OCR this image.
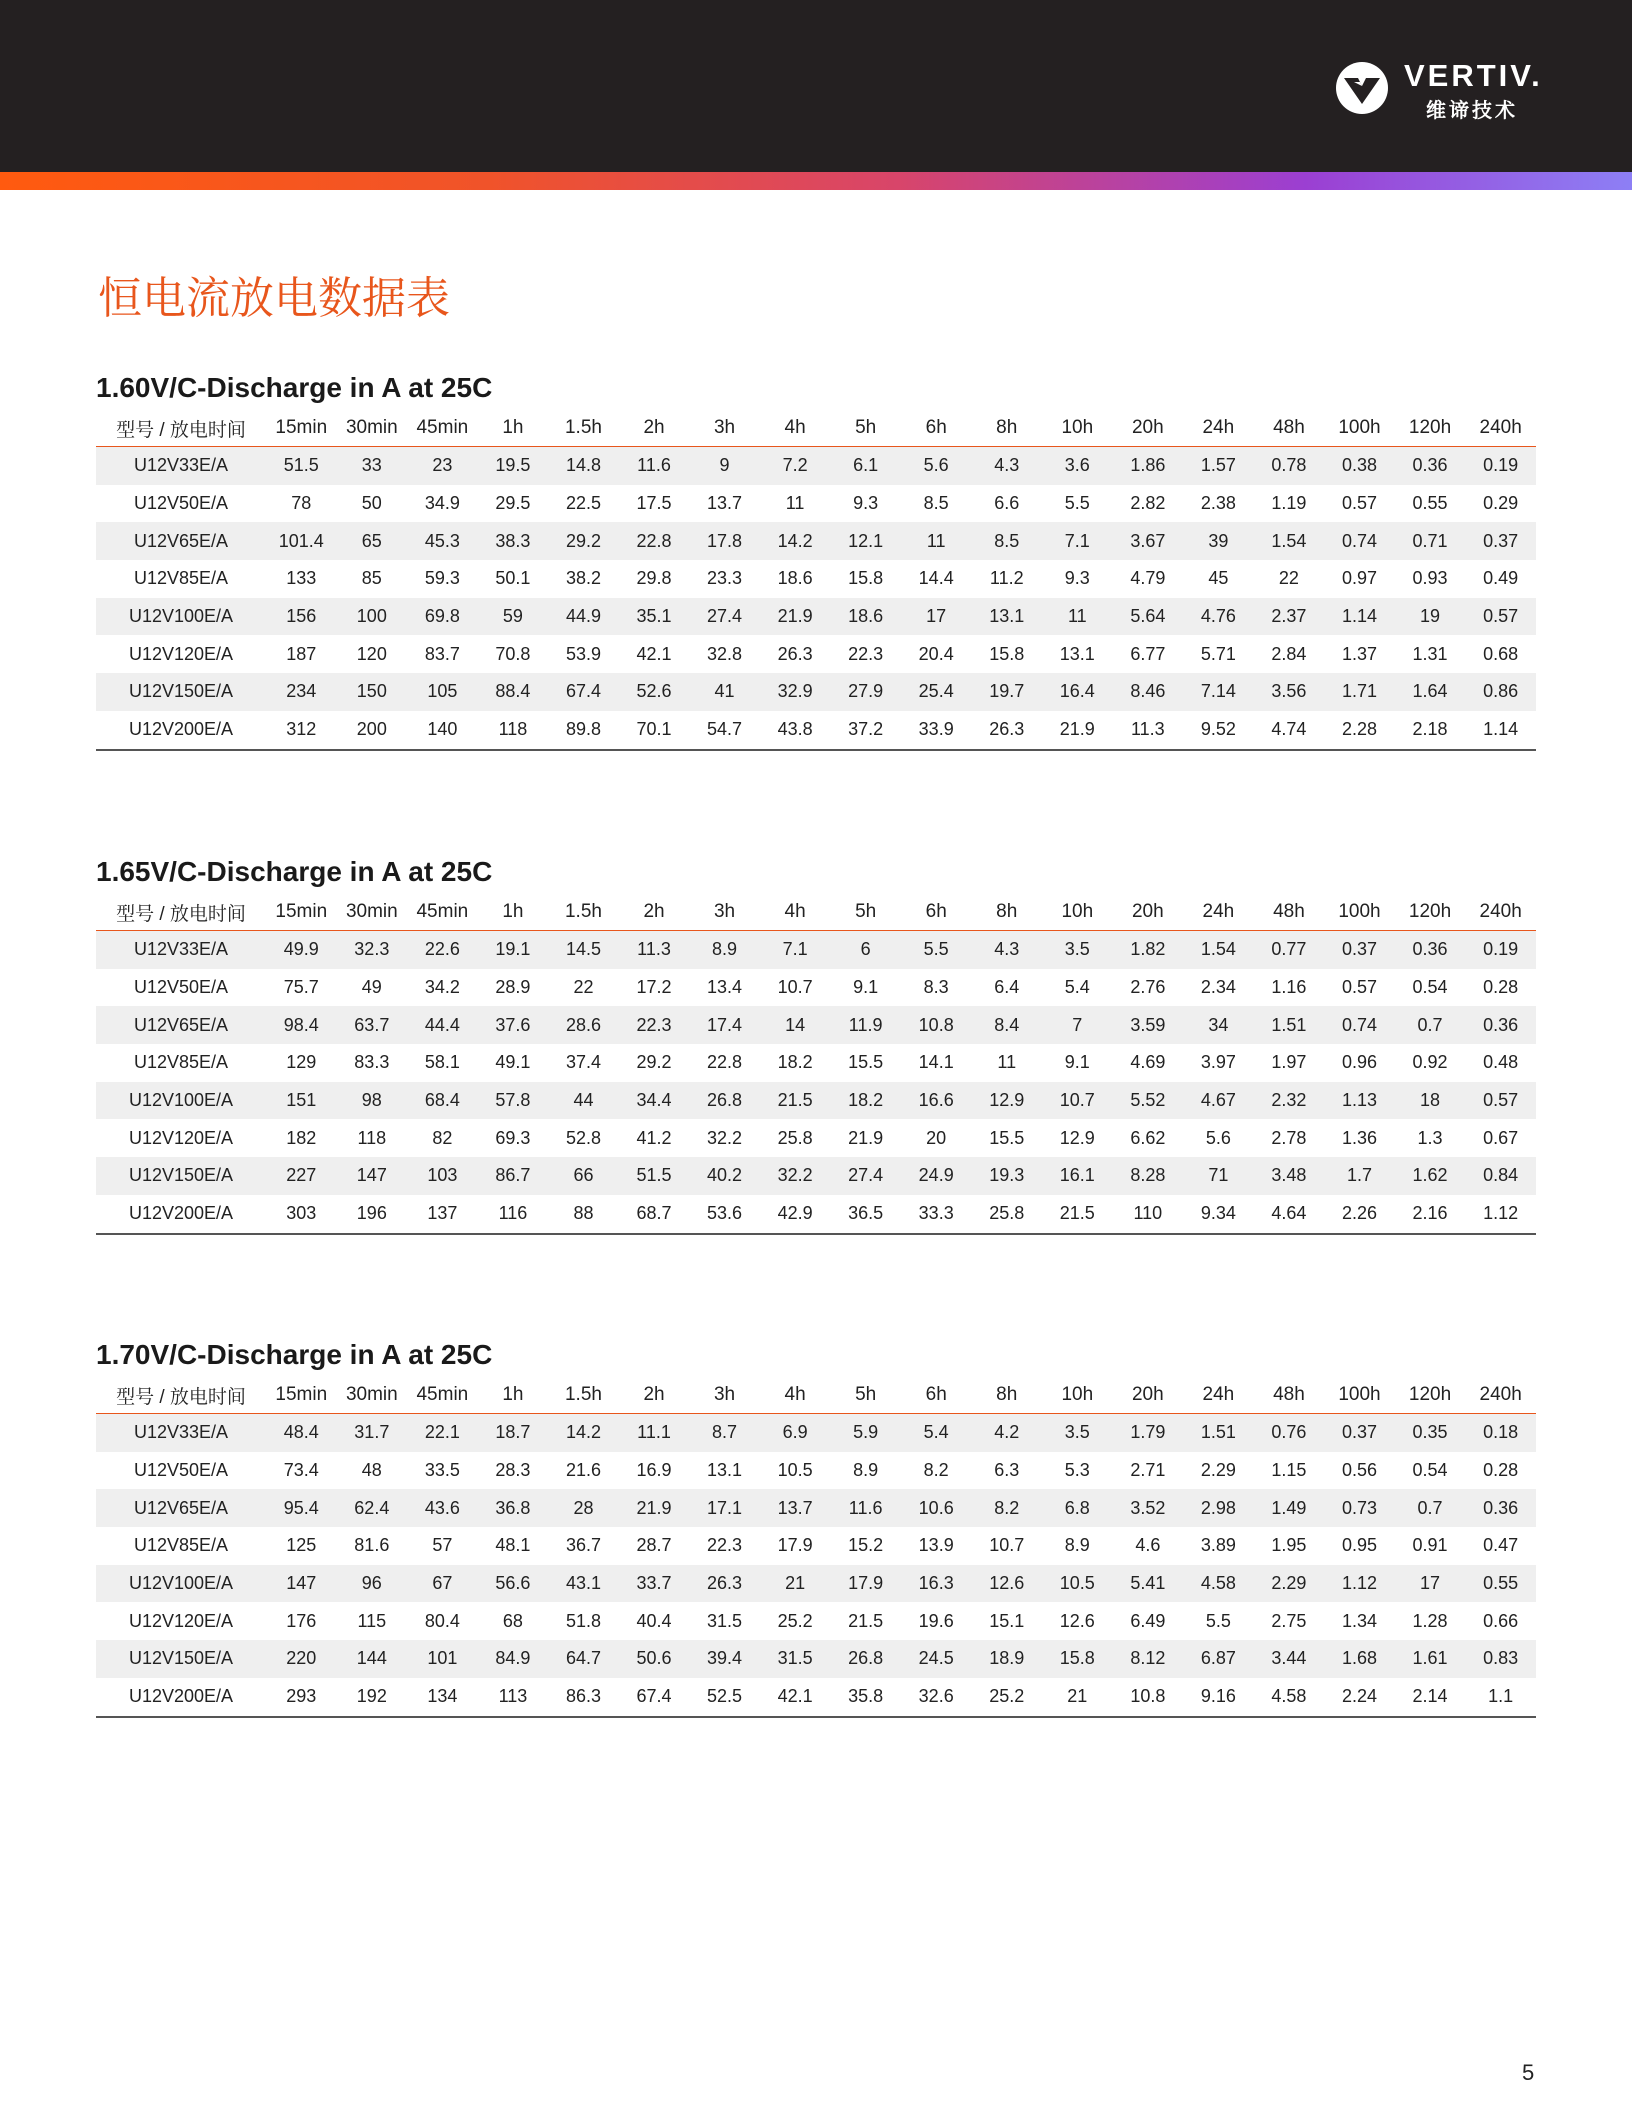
VERTIV.
维谛技术
恒电流放电数据表
1.60V/C-Discharge in A at 25C
型号 / 放电时间	15min	30min	45min	1h	1.5h	2h	3h	4h	5h	6h	8h	10h	20h	24h	48h	100h	120h	240h
U12V33E/A	51.5	33	23	19.5	14.8	11.6	9	7.2	6.1	5.6	4.3	3.6	1.86	1.57	0.78	0.38	0.36	0.19
U12V50E/A	78	50	34.9	29.5	22.5	17.5	13.7	11	9.3	8.5	6.6	5.5	2.82	2.38	1.19	0.57	0.55	0.29
U12V65E/A	101.4	65	45.3	38.3	29.2	22.8	17.8	14.2	12.1	11	8.5	7.1	3.67	39	1.54	0.74	0.71	0.37
U12V85E/A	133	85	59.3	50.1	38.2	29.8	23.3	18.6	15.8	14.4	11.2	9.3	4.79	45	22	0.97	0.93	0.49
U12V100E/A	156	100	69.8	59	44.9	35.1	27.4	21.9	18.6	17	13.1	11	5.64	4.76	2.37	1.14	19	0.57
U12V120E/A	187	120	83.7	70.8	53.9	42.1	32.8	26.3	22.3	20.4	15.8	13.1	6.77	5.71	2.84	1.37	1.31	0.68
U12V150E/A	234	150	105	88.4	67.4	52.6	41	32.9	27.9	25.4	19.7	16.4	8.46	7.14	3.56	1.71	1.64	0.86
U12V200E/A	312	200	140	118	89.8	70.1	54.7	43.8	37.2	33.9	26.3	21.9	11.3	9.52	4.74	2.28	2.18	1.14
1.65V/C-Discharge in A at 25C
型号 / 放电时间	15min	30min	45min	1h	1.5h	2h	3h	4h	5h	6h	8h	10h	20h	24h	48h	100h	120h	240h
U12V33E/A	49.9	32.3	22.6	19.1	14.5	11.3	8.9	7.1	6	5.5	4.3	3.5	1.82	1.54	0.77	0.37	0.36	0.19
U12V50E/A	75.7	49	34.2	28.9	22	17.2	13.4	10.7	9.1	8.3	6.4	5.4	2.76	2.34	1.16	0.57	0.54	0.28
U12V65E/A	98.4	63.7	44.4	37.6	28.6	22.3	17.4	14	11.9	10.8	8.4	7	3.59	34	1.51	0.74	0.7	0.36
U12V85E/A	129	83.3	58.1	49.1	37.4	29.2	22.8	18.2	15.5	14.1	11	9.1	4.69	3.97	1.97	0.96	0.92	0.48
U12V100E/A	151	98	68.4	57.8	44	34.4	26.8	21.5	18.2	16.6	12.9	10.7	5.52	4.67	2.32	1.13	18	0.57
U12V120E/A	182	118	82	69.3	52.8	41.2	32.2	25.8	21.9	20	15.5	12.9	6.62	5.6	2.78	1.36	1.3	0.67
U12V150E/A	227	147	103	86.7	66	51.5	40.2	32.2	27.4	24.9	19.3	16.1	8.28	71	3.48	1.7	1.62	0.84
U12V200E/A	303	196	137	116	88	68.7	53.6	42.9	36.5	33.3	25.8	21.5	110	9.34	4.64	2.26	2.16	1.12
1.70V/C-Discharge in A at 25C
型号 / 放电时间	15min	30min	45min	1h	1.5h	2h	3h	4h	5h	6h	8h	10h	20h	24h	48h	100h	120h	240h
U12V33E/A	48.4	31.7	22.1	18.7	14.2	11.1	8.7	6.9	5.9	5.4	4.2	3.5	1.79	1.51	0.76	0.37	0.35	0.18
U12V50E/A	73.4	48	33.5	28.3	21.6	16.9	13.1	10.5	8.9	8.2	6.3	5.3	2.71	2.29	1.15	0.56	0.54	0.28
U12V65E/A	95.4	62.4	43.6	36.8	28	21.9	17.1	13.7	11.6	10.6	8.2	6.8	3.52	2.98	1.49	0.73	0.7	0.36
U12V85E/A	125	81.6	57	48.1	36.7	28.7	22.3	17.9	15.2	13.9	10.7	8.9	4.6	3.89	1.95	0.95	0.91	0.47
U12V100E/A	147	96	67	56.6	43.1	33.7	26.3	21	17.9	16.3	12.6	10.5	5.41	4.58	2.29	1.12	17	0.55
U12V120E/A	176	115	80.4	68	51.8	40.4	31.5	25.2	21.5	19.6	15.1	12.6	6.49	5.5	2.75	1.34	1.28	0.66
U12V150E/A	220	144	101	84.9	64.7	50.6	39.4	31.5	26.8	24.5	18.9	15.8	8.12	6.87	3.44	1.68	1.61	0.83
U12V200E/A	293	192	134	113	86.3	67.4	52.5	42.1	35.8	32.6	25.2	21	10.8	9.16	4.58	2.24	2.14	1.1
5
